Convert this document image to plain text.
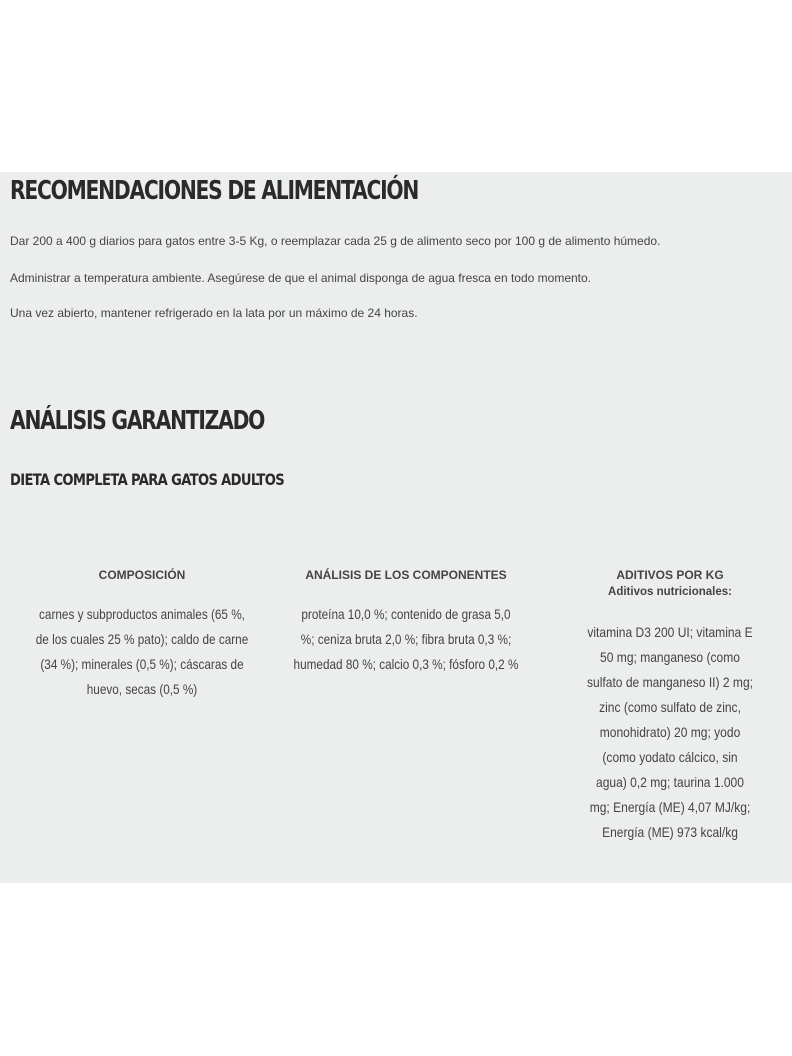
RECOMENDACIONES DE ALIMENTACIÓN

Dar 200 a 400 g diarios para gatos entre 3-5 Kg, o reemplazar cada 25 g de alimento seco por 100 g de alimento húmedo.

Administrar a temperatura ambiente. Asegúrese de que el animal disponga de agua fresca en todo momento.

Una vez abierto, mantener refrigerado en la lata por un máximo de 24 horas.

ANÁLISIS GARANTIZADO
DIETA COMPLETA PARA GATOS ADULTOS

COMPOSICIÓN

carnes y subproductos animales (65 %, de los cuales 25 % pato); caldo de carne (34 %); minerales (0,5 %); cáscaras de huevo, secas (0,5 %)

ANÁLISIS DE LOS COMPONENTES

proteína 10,0 %; contenido de grasa 5,0 %; ceniza bruta 2,0 %; fibra bruta 0,3 %; humedad 80 %; calcio 0,3 %; fósforo 0,2 %

ADITIVOS POR KG

Aditivos nutricionales:

vitamina D3 200 UI; vitamina E 50 mg; manganeso (como sulfato de manganeso II) 2 mg; zinc (como sulfato de zinc, monohidrato) 20 mg; yodo (como yodato cálcico, sin agua) 0,2 mg; taurina 1.000 mg; Energía (ME) 4,07 MJ/kg; Energía (ME) 973 kcal/kg
